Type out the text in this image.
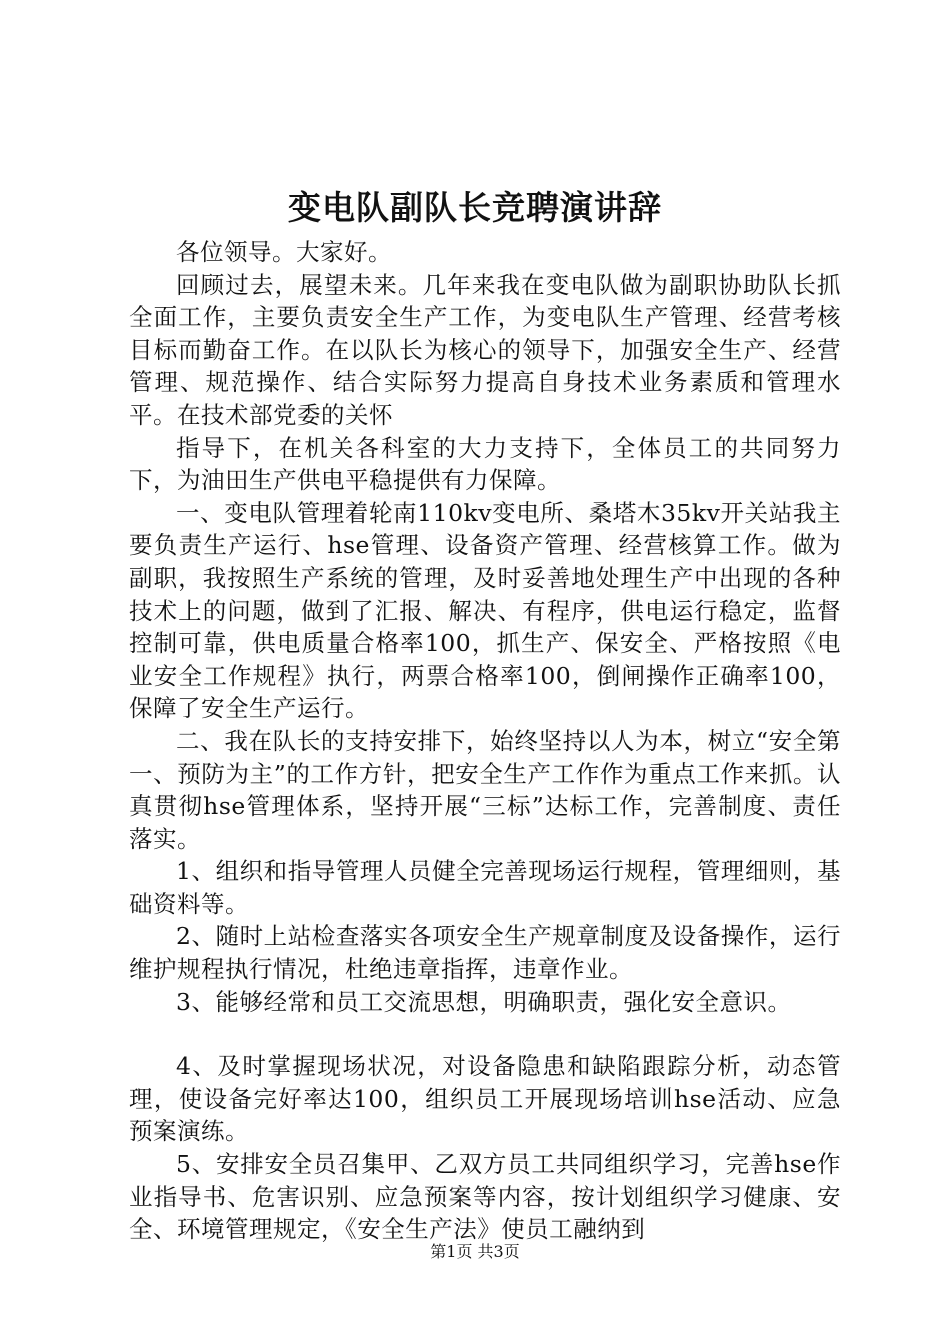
变电队副队长竞聘演讲辞

各位领导。大家好。

回顾过去，展望未来。几年来我在变电队做为副职协助队长抓全面工作，主要负责安全生产工作，为变电队生产管理、经营考核目标而勤奋工作。在以队长为核心的领导下，加强安全生产、经营管理、规范操作、结合实际努力提高自身技术业务素质和管理水平。在技术部党委的关怀

指导下，在机关各科室的大力支持下，全体员工的共同努力下，为油田生产供电平稳提供有力保障。

一、变电队管理着轮南110kv变电所、桑塔木35kv开关站我主要负责生产运行、hse管理、设备资产管理、经营核算工作。做为副职，我按照生产系统的管理，及时妥善地处理生产中出现的各种技术上的问题，做到了汇报、解决、有程序，供电运行稳定，监督控制可靠，供电质量合格率100，抓生产、保安全、严格按照《电业安全工作规程》执行，两票合格率100，倒闸操作正确率100，保障了安全生产运行。

二、我在队长的支持安排下，始终坚持以人为本，树立“安全第一、预防为主”的工作方针，把安全生产工作作为重点工作来抓。认真贯彻hse管理体系，坚持开展“三标”达标工作，完善制度、责任落实。

1、组织和指导管理人员健全完善现场运行规程，管理细则，基础资料等。

2、随时上站检查落实各项安全生产规章制度及设备操作，运行维护规程执行情况，杜绝违章指挥，违章作业。

3、能够经常和员工交流思想，明确职责，强化安全意识。

4、及时掌握现场状况，对设备隐患和缺陷跟踪分析，动态管理，使设备完好率达100，组织员工开展现场培训hse活动、应急预案演练。

5、安排安全员召集甲、乙双方员工共同组织学习，完善hse作业指导书、危害识别、应急预案等内容，按计划组织学习健康、安全、环境管理规定，《安全生产法》使员工融纳到

第1页 共3页
